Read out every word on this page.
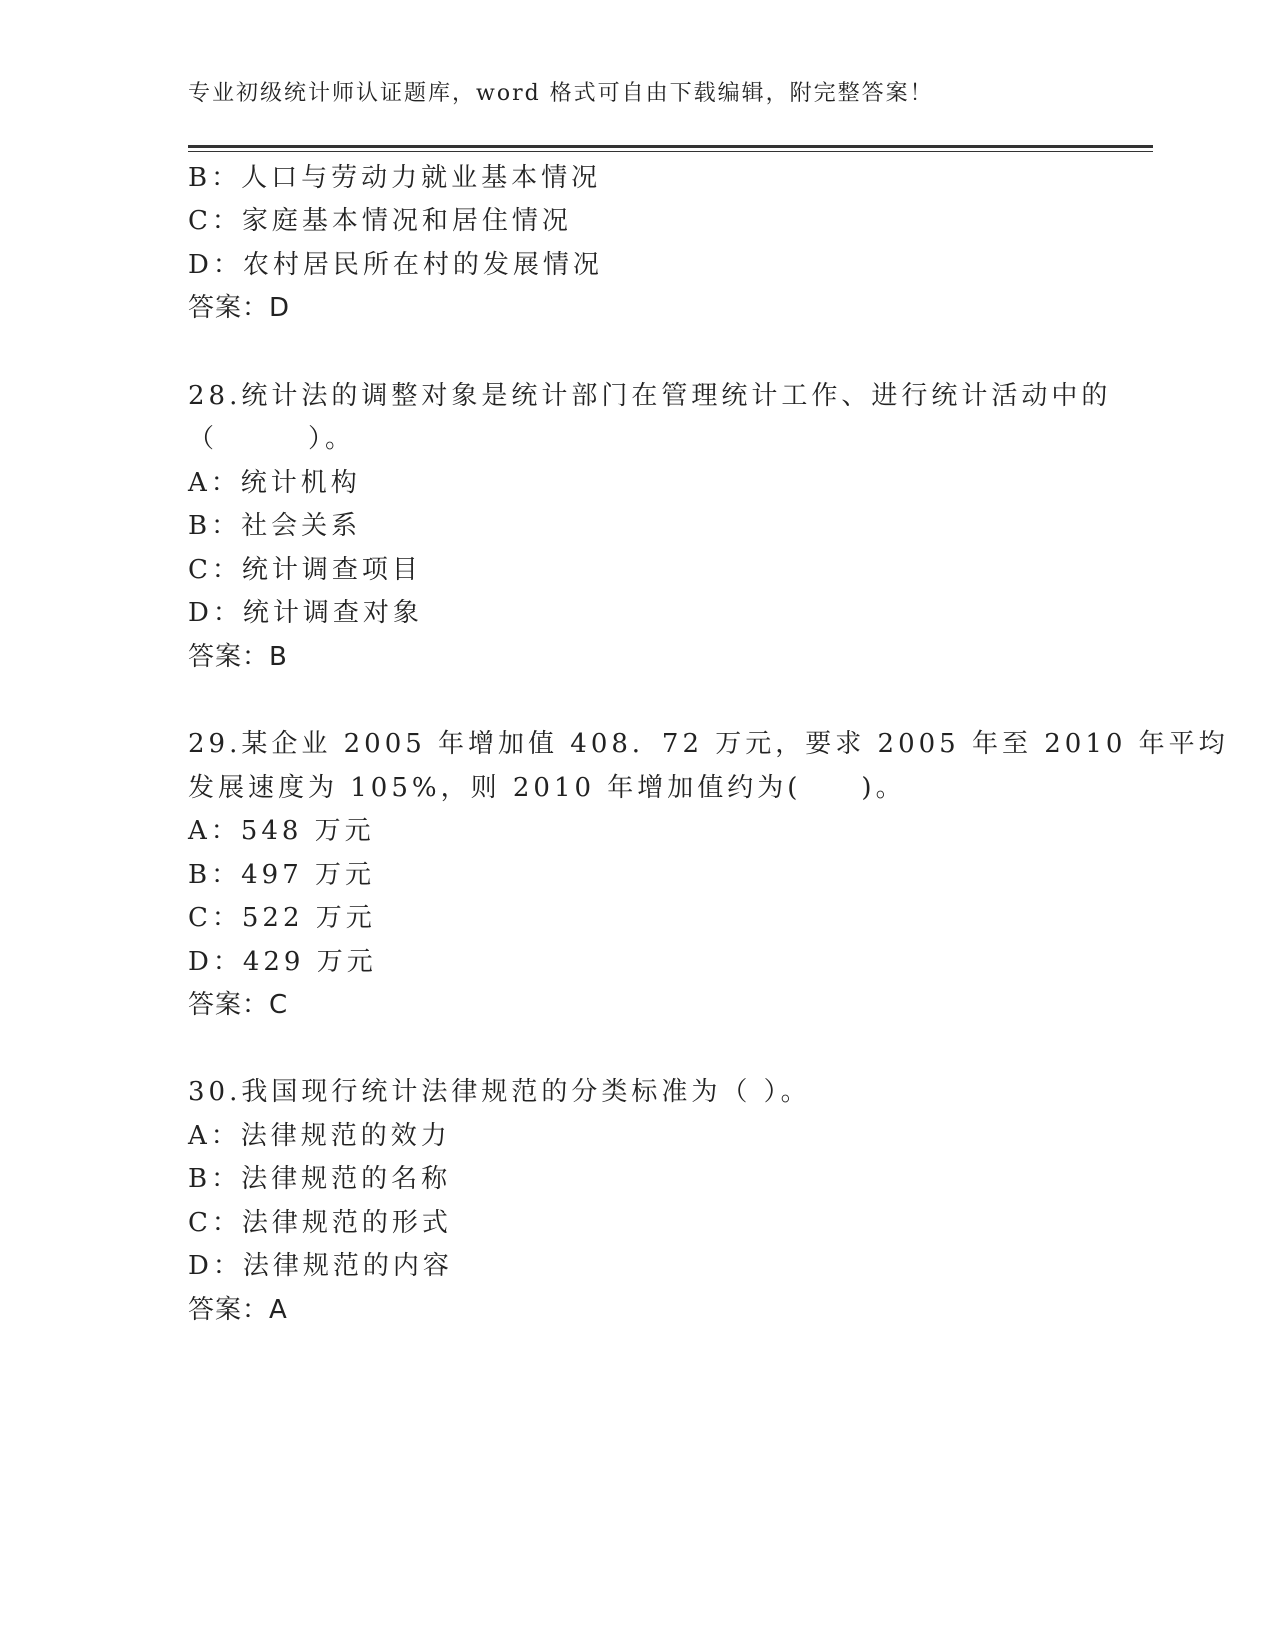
专业初级统计师认证题库，word 格式可自由下载编辑，附完整答案！
B：人口与劳动力就业基本情况
C：家庭基本情况和居住情况
D：农村居民所在村的发展情况
答案：D
28.统计法的调整对象是统计部门在管理统计工作、进行统计活动中的
（　　　）。
A：统计机构
B：社会关系
C：统计调查项目
D：统计调查对象
答案：B
29.某企业 2005 年增加值 408．72 万元，要求 2005 年至 2010 年平均
发展速度为 105%，则 2010 年增加值约为(　　)。
A：548 万元
B：497 万元
C：522 万元
D：429 万元
答案：C
30.我国现行统计法律规范的分类标准为（ ）。
A：法律规范的效力
B：法律规范的名称
C：法律规范的形式
D：法律规范的内容
答案：A
